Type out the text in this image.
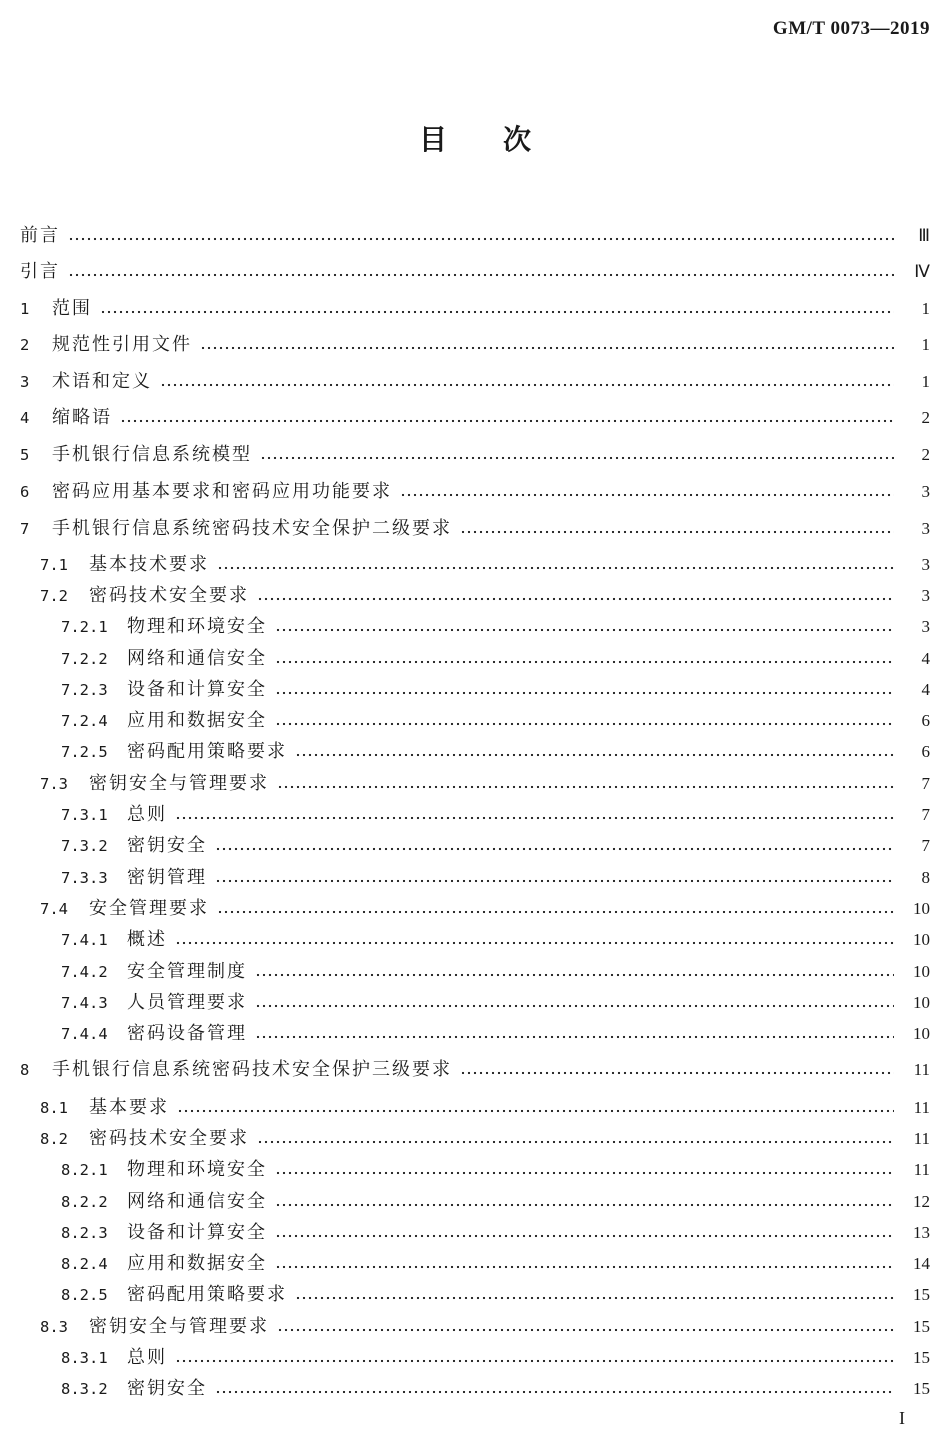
GM/T 0073—2019
目 次
前言	Ⅲ
引言	Ⅳ
1	范围	1
2	规范性引用文件	1
3	术语和定义	1
4	缩略语	2
5	手机银行信息系统模型	2
6	密码应用基本要求和密码应用功能要求	3
7	手机银行信息系统密码技术安全保护二级要求	3
7.1	基本技术要求	3
7.2	密码技术安全要求	3
7.2.1	物理和环境安全	3
7.2.2	网络和通信安全	4
7.2.3	设备和计算安全	4
7.2.4	应用和数据安全	6
7.2.5	密码配用策略要求	6
7.3	密钥安全与管理要求	7
7.3.1	总则	7
7.3.2	密钥安全	7
7.3.3	密钥管理	8
7.4	安全管理要求	10
7.4.1	概述	10
7.4.2	安全管理制度	10
7.4.3	人员管理要求	10
7.4.4	密码设备管理	10
8	手机银行信息系统密码技术安全保护三级要求	11
8.1	基本要求	11
8.2	密码技术安全要求	11
8.2.1	物理和环境安全	11
8.2.2	网络和通信安全	12
8.2.3	设备和计算安全	13
8.2.4	应用和数据安全	14
8.2.5	密码配用策略要求	15
8.3	密钥安全与管理要求	15
8.3.1	总则	15
8.3.2	密钥安全	15
I
